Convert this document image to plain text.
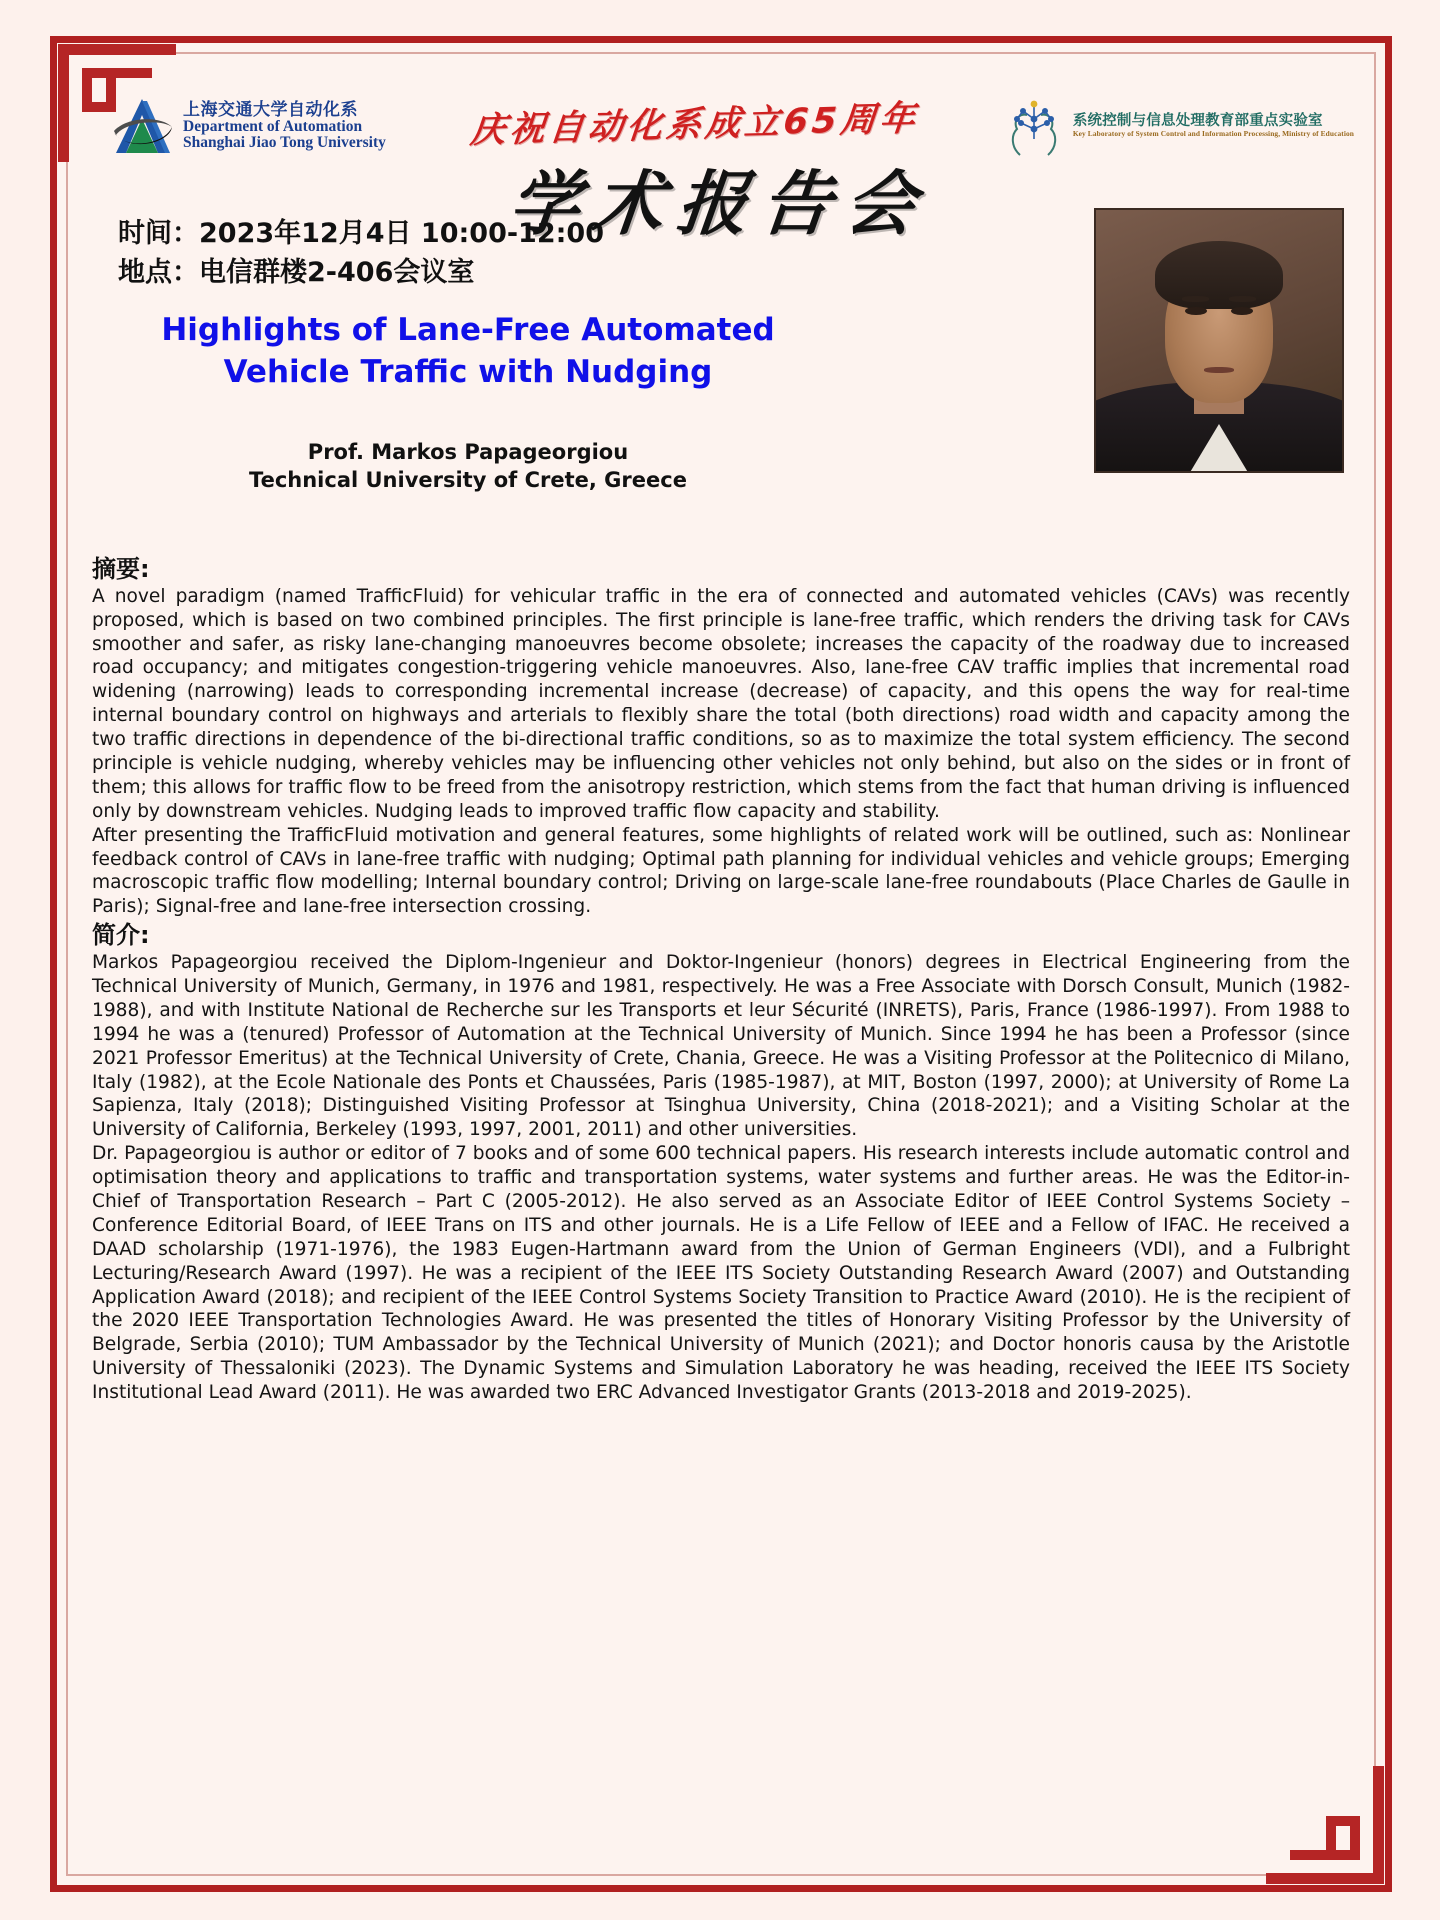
上海交通大学自动化系
Department of Automation
Shanghai Jiao Tong University	庆祝自动化系成立65周年	系统控制与信息处理教育部重点实验室
Key Laboratory of System Control and Information Processing, Ministry of Education
学术报告会
时间：2023年12月4日 10:00-12:00
地点：电信群楼2-406会议室
Highlights of Lane-Free Automated
Vehicle Traffic with Nudging
Prof. Markos Papageorgiou
Technical University of Crete, Greece
摘要:

A novel paradigm (named TrafficFluid) for vehicular traffic in the era of connected and automated vehicles (CAVs) was recently proposed, which is based on two combined principles. The first principle is lane-free traffic, which renders the driving task for CAVs smoother and safer, as risky lane-changing manoeuvres become obsolete; increases the capacity of the roadway due to increased road occupancy; and mitigates congestion-triggering vehicle manoeuvres. Also, lane-free CAV traffic implies that incremental road widening (narrowing) leads to corresponding incremental increase (decrease) of capacity, and this opens the way for real-time internal boundary control on highways and arterials to flexibly share the total (both directions) road width and capacity among the two traffic directions in dependence of the bi-directional traffic conditions, so as to maximize the total system efficiency. The second principle is vehicle nudging, whereby vehicles may be influencing other vehicles not only behind, but also on the sides or in front of them; this allows for traffic flow to be freed from the anisotropy restriction, which stems from the fact that human driving is influenced only by downstream vehicles. Nudging leads to improved traffic flow capacity and stability.

After presenting the TrafficFluid motivation and general features, some highlights of related work will be outlined, such as: Nonlinear feedback control of CAVs in lane-free traffic with nudging; Optimal path planning for individual vehicles and vehicle groups; Emerging macroscopic traffic flow modelling; Internal boundary control; Driving on large-scale lane-free roundabouts (Place Charles de Gaulle in Paris); Signal-free and lane-free intersection crossing.

简介:

Markos Papageorgiou received the Diplom-Ingenieur and Doktor-Ingenieur (honors) degrees in Electrical Engineering from the Technical University of Munich, Germany, in 1976 and 1981, respectively. He was a Free Associate with Dorsch Consult, Munich (1982-1988), and with Institute National de Recherche sur les Transports et leur Sécurité (INRETS), Paris, France (1986-1997). From 1988 to 1994 he was a (tenured) Professor of Automation at the Technical University of Munich. Since 1994 he has been a Professor (since 2021 Professor Emeritus) at the Technical University of Crete, Chania, Greece. He was a Visiting Professor at the Politecnico di Milano, Italy (1982), at the Ecole Nationale des Ponts et Chaussées, Paris (1985-1987), at MIT, Boston (1997, 2000); at University of Rome La Sapienza, Italy (2018); Distinguished Visiting Professor at Tsinghua University, China (2018-2021); and a Visiting Scholar at the University of California, Berkeley (1993, 1997, 2001, 2011) and other universities.

Dr. Papageorgiou is author or editor of 7 books and of some 600 technical papers. His research interests include automatic control and optimisation theory and applications to traffic and transportation systems, water systems and further areas. He was the Editor-in-Chief of Transportation Research – Part C (2005-2012). He also served as an Associate Editor of IEEE Control Systems Society – Conference Editorial Board, of IEEE Trans on ITS and other journals. He is a Life Fellow of IEEE and a Fellow of IFAC. He received a DAAD scholarship (1971-1976), the 1983 Eugen-Hartmann award from the Union of German Engineers (VDI), and a Fulbright Lecturing/Research Award (1997). He was a recipient of the IEEE ITS Society Outstanding Research Award (2007) and Outstanding Application Award (2018); and recipient of the IEEE Control Systems Society Transition to Practice Award (2010). He is the recipient of the 2020 IEEE Transportation Technologies Award. He was presented the titles of Honorary Visiting Professor by the University of Belgrade, Serbia (2010); TUM Ambassador by the Technical University of Munich (2021); and Doctor honoris causa by the Aristotle University of Thessaloniki (2023). The Dynamic Systems and Simulation Laboratory he was heading, received the IEEE ITS Society Institutional Lead Award (2011). He was awarded two ERC Advanced Investigator Grants (2013-2018 and 2019-2025).
